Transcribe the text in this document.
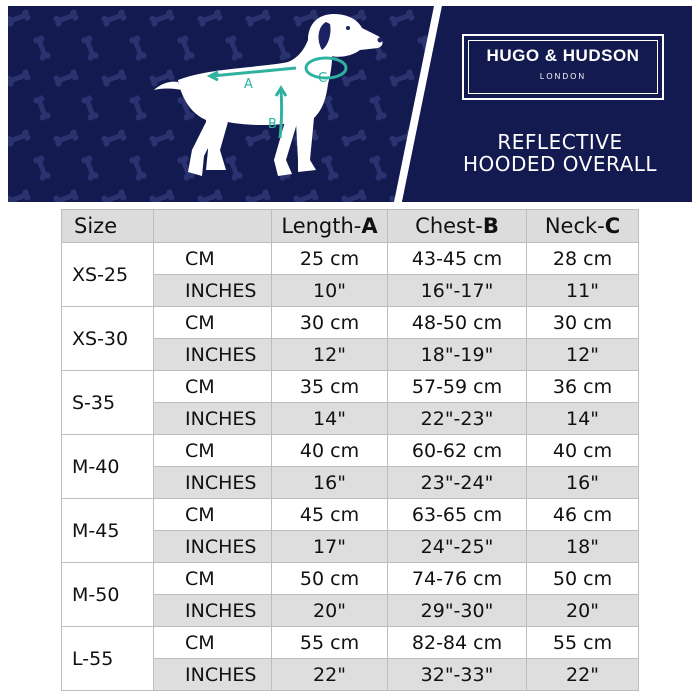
A
B
C
HUGO & HUDSON
LONDON
REFLECTIVE
HOODED OVERALL
Size		Length-A	Chest-B	Neck-C
XS-25	CM	25 cm	43-45 cm	28 cm
	INCHES	10"	16"-17"	11"
XS-30	CM	30 cm	48-50 cm	30 cm
	INCHES	12"	18"-19"	12"
S-35	CM	35 cm	57-59 cm	36 cm
	INCHES	14"	22"-23"	14"
M-40	CM	40 cm	60-62 cm	40 cm
	INCHES	16"	23"-24"	16"
M-45	CM	45 cm	63-65 cm	46 cm
	INCHES	17"	24"-25"	18"
M-50	CM	50 cm	74-76 cm	50 cm
	INCHES	20"	29"-30"	20"
L-55	CM	55 cm	82-84 cm	55 cm
	INCHES	22"	32"-33"	22"
